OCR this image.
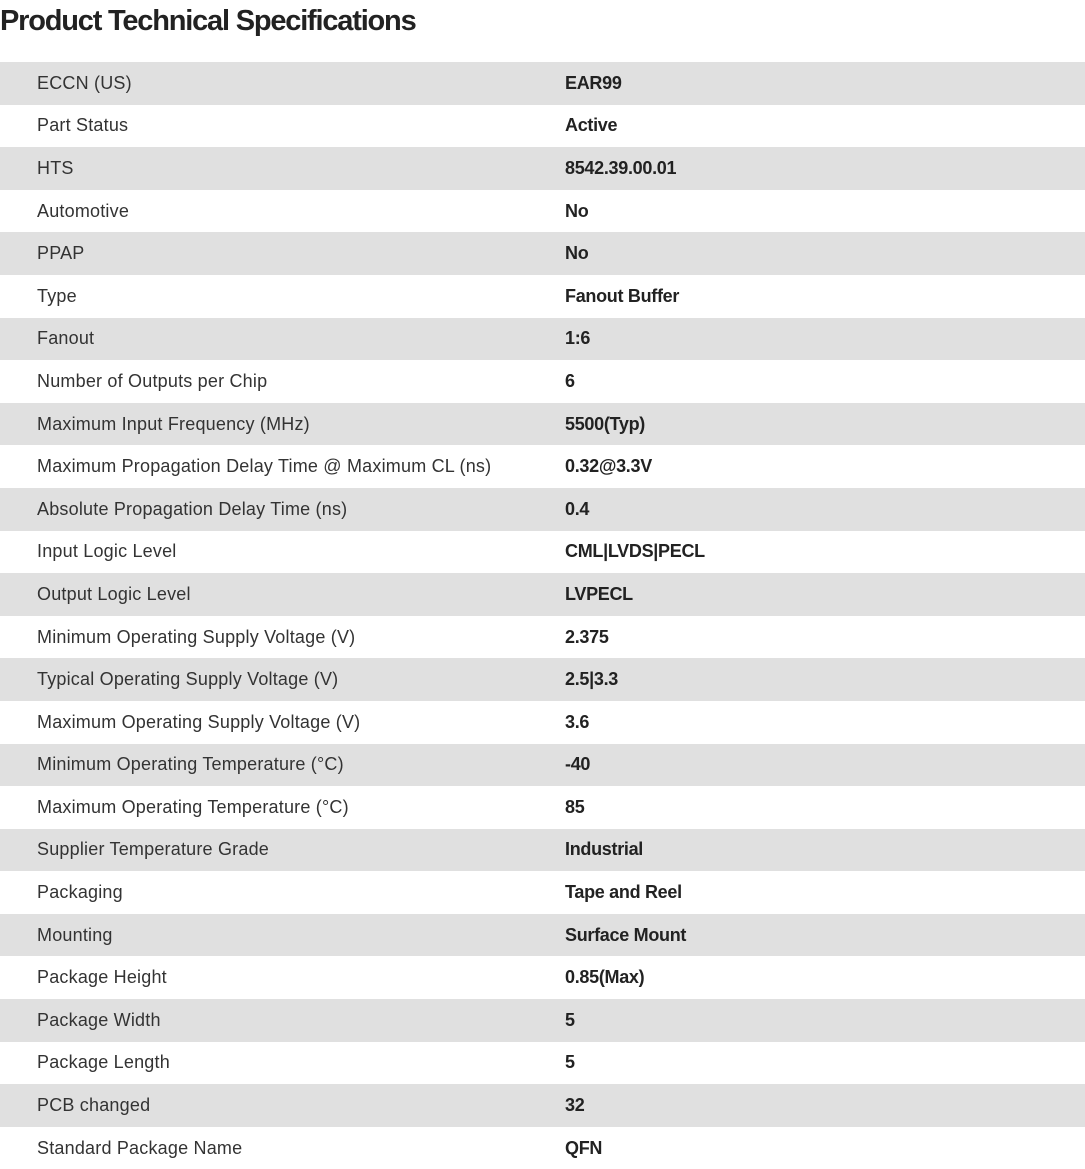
Product Technical Specifications
ECCN (US)	EAR99
Part Status	Active
HTS	8542.39.00.01
Automotive	No
PPAP	No
Type	Fanout Buffer
Fanout	1:6
Number of Outputs per Chip	6
Maximum Input Frequency (MHz)	5500(Typ)
Maximum Propagation Delay Time @ Maximum CL (ns)	0.32@3.3V
Absolute Propagation Delay Time (ns)	0.4
Input Logic Level	CML|LVDS|PECL
Output Logic Level	LVPECL
Minimum Operating Supply Voltage (V)	2.375
Typical Operating Supply Voltage (V)	2.5|3.3
Maximum Operating Supply Voltage (V)	3.6
Minimum Operating Temperature (°C)	-40
Maximum Operating Temperature (°C)	85
Supplier Temperature Grade	Industrial
Packaging	Tape and Reel
Mounting	Surface Mount
Package Height	0.85(Max)
Package Width	5
Package Length	5
PCB changed	32
Standard Package Name	QFN
